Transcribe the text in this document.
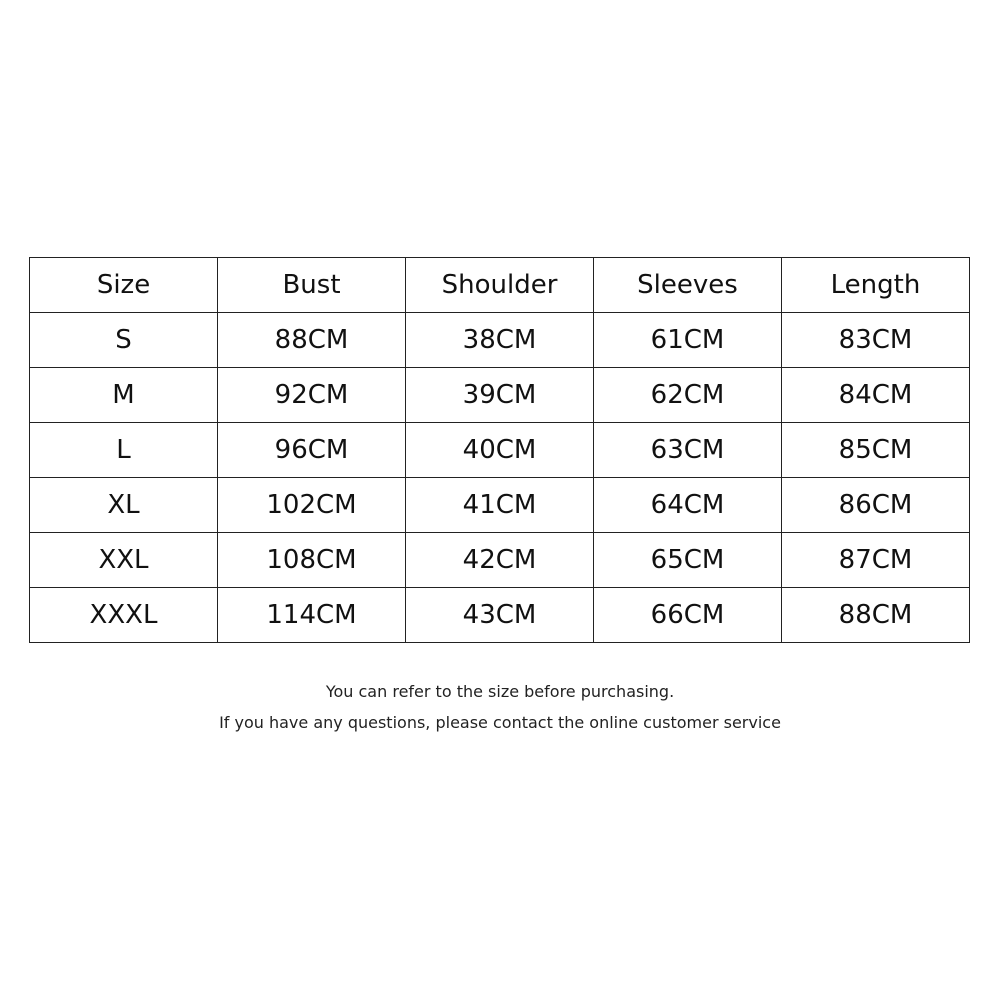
Size	Bust	Shoulder	Sleeves	Length
S	88CM	38CM	61CM	83CM
M	92CM	39CM	62CM	84CM
L	96CM	40CM	63CM	85CM
XL	102CM	41CM	64CM	86CM
XXL	108CM	42CM	65CM	87CM
XXXL	114CM	43CM	66CM	88CM
You can refer to the size before purchasing.
If you have any questions, please contact the online customer service
